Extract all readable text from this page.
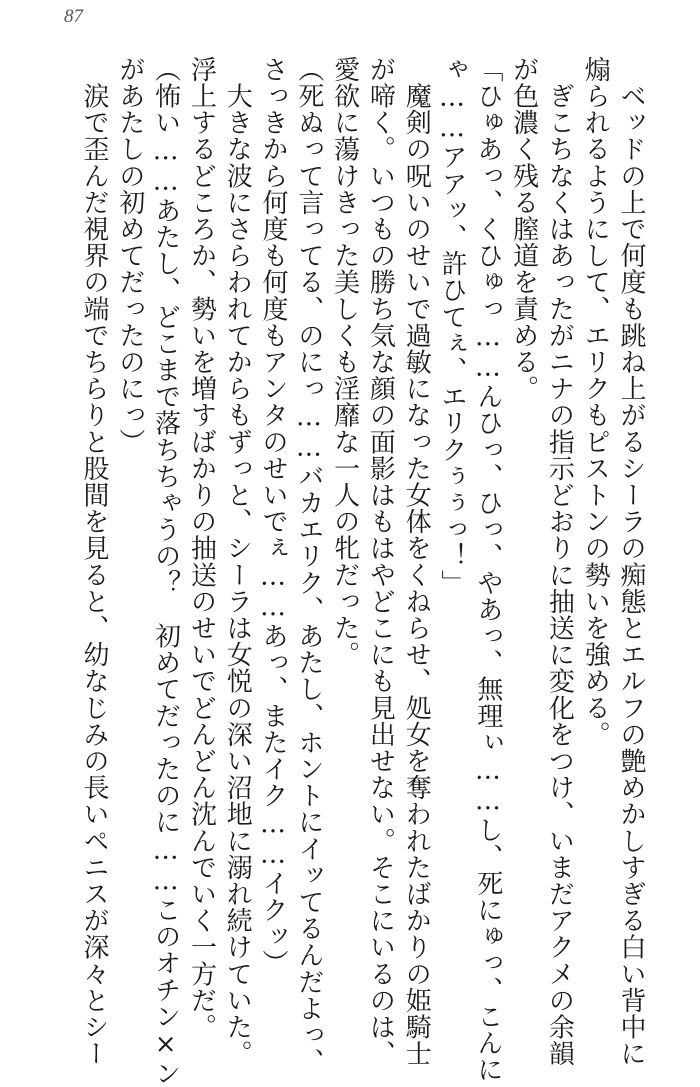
87
　ベッドの上で何度も跳ね上がるシーラの痴態とエルフの艶めかしすぎる白い背中に
煽られるようにして、エリクもピストンの勢いを強める。
　ぎこちなくはあったがニナの指示どおりに抽送に変化をつけ、いまだアクメの余韻
が色濃く残る膣道を責める。
「ひゅあっ、くひゅっ……んひっ、ひっ、やあっ、無理ぃ……し、死にゅっ、こんに
ゃ……アアッ、許ひてぇ、エリクぅぅっ！」
　魔剣の呪いのせいで過敏になった女体をくねらせ、処女を奪われたばかりの姫騎士
が啼く。いつもの勝ち気な顔の面影はもはやどこにも見出せない。そこにいるのは、
愛欲に蕩けきった美しくも淫靡な一人の牝だった。
（死ぬって言ってる、のにっ……バカエリク、あたし、ホントにイッてるんだよっ、
さっきから何度も何度もアンタのせいでぇ……あっ、またイク……イクッ）
　大きな波にさらわれてからもずっと、シーラは女悦の深い沼地に溺れ続けていた。
浮上するどころか、勢いを増すばかりの抽送のせいでどんどん沈んでいく一方だ。
（怖い……あたし、どこまで落ちちゃうの？　初めてだったのに……このオチン×ン
があたしの初めてだったのにっ）
　涙で歪んだ視界の端でちらりと股間を見ると、幼なじみの長いペニスが深々とシー
